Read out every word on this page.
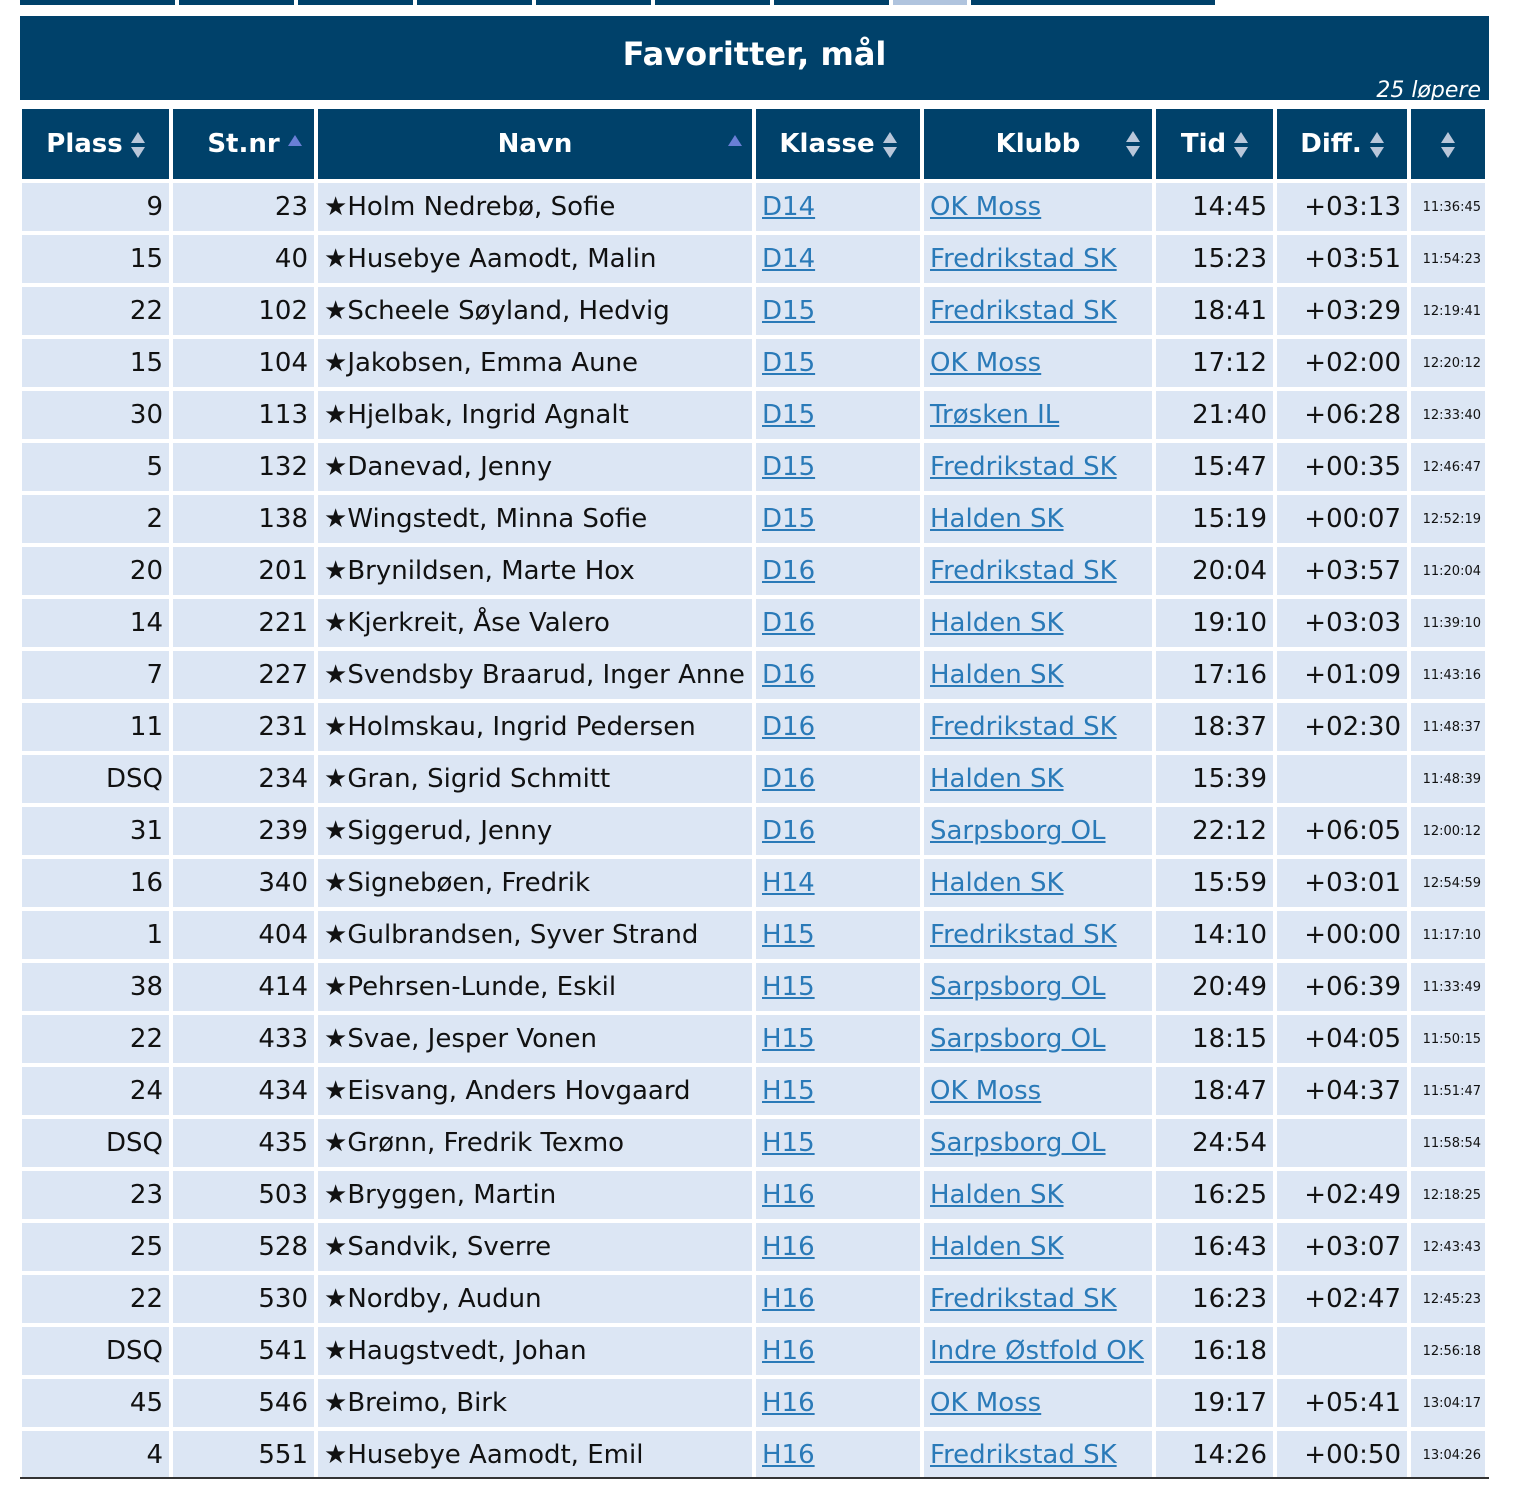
Favoritter, mål
25 løpere
Plass	St.nr	Navn	Klasse	Klubb	Tid	Diff.

9	23	★Holm Nedrebø, Sofie	D14	OK Moss	14:45	+03:13	11:36:45
15	40	★Husebye Aamodt, Malin	D14	Fredrikstad SK	15:23	+03:51	11:54:23
22	102	★Scheele Søyland, Hedvig	D15	Fredrikstad SK	18:41	+03:29	12:19:41
15	104	★Jakobsen, Emma Aune	D15	OK Moss	17:12	+02:00	12:20:12
30	113	★Hjelbak, Ingrid Agnalt	D15	Trøsken IL	21:40	+06:28	12:33:40
5	132	★Danevad, Jenny	D15	Fredrikstad SK	15:47	+00:35	12:46:47
2	138	★Wingstedt, Minna Sofie	D15	Halden SK	15:19	+00:07	12:52:19
20	201	★Brynildsen, Marte Hox	D16	Fredrikstad SK	20:04	+03:57	11:20:04
14	221	★Kjerkreit, Åse Valero	D16	Halden SK	19:10	+03:03	11:39:10
7	227	★Svendsby Braarud, Inger Anne	D16	Halden SK	17:16	+01:09	11:43:16
11	231	★Holmskau, Ingrid Pedersen	D16	Fredrikstad SK	18:37	+02:30	11:48:37
DSQ	234	★Gran, Sigrid Schmitt	D16	Halden SK	15:39		11:48:39
31	239	★Siggerud, Jenny	D16	Sarpsborg OL	22:12	+06:05	12:00:12
16	340	★Signebøen, Fredrik	H14	Halden SK	15:59	+03:01	12:54:59
1	404	★Gulbrandsen, Syver Strand	H15	Fredrikstad SK	14:10	+00:00	11:17:10
38	414	★Pehrsen-Lunde, Eskil	H15	Sarpsborg OL	20:49	+06:39	11:33:49
22	433	★Svae, Jesper Vonen	H15	Sarpsborg OL	18:15	+04:05	11:50:15
24	434	★Eisvang, Anders Hovgaard	H15	OK Moss	18:47	+04:37	11:51:47
DSQ	435	★Grønn, Fredrik Texmo	H15	Sarpsborg OL	24:54		11:58:54
23	503	★Bryggen, Martin	H16	Halden SK	16:25	+02:49	12:18:25
25	528	★Sandvik, Sverre	H16	Halden SK	16:43	+03:07	12:43:43
22	530	★Nordby, Audun	H16	Fredrikstad SK	16:23	+02:47	12:45:23
DSQ	541	★Haugstvedt, Johan	H16	Indre Østfold OK	16:18		12:56:18
45	546	★Breimo, Birk	H16	OK Moss	19:17	+05:41	13:04:17
4	551	★Husebye Aamodt, Emil	H16	Fredrikstad SK	14:26	+00:50	13:04:26
